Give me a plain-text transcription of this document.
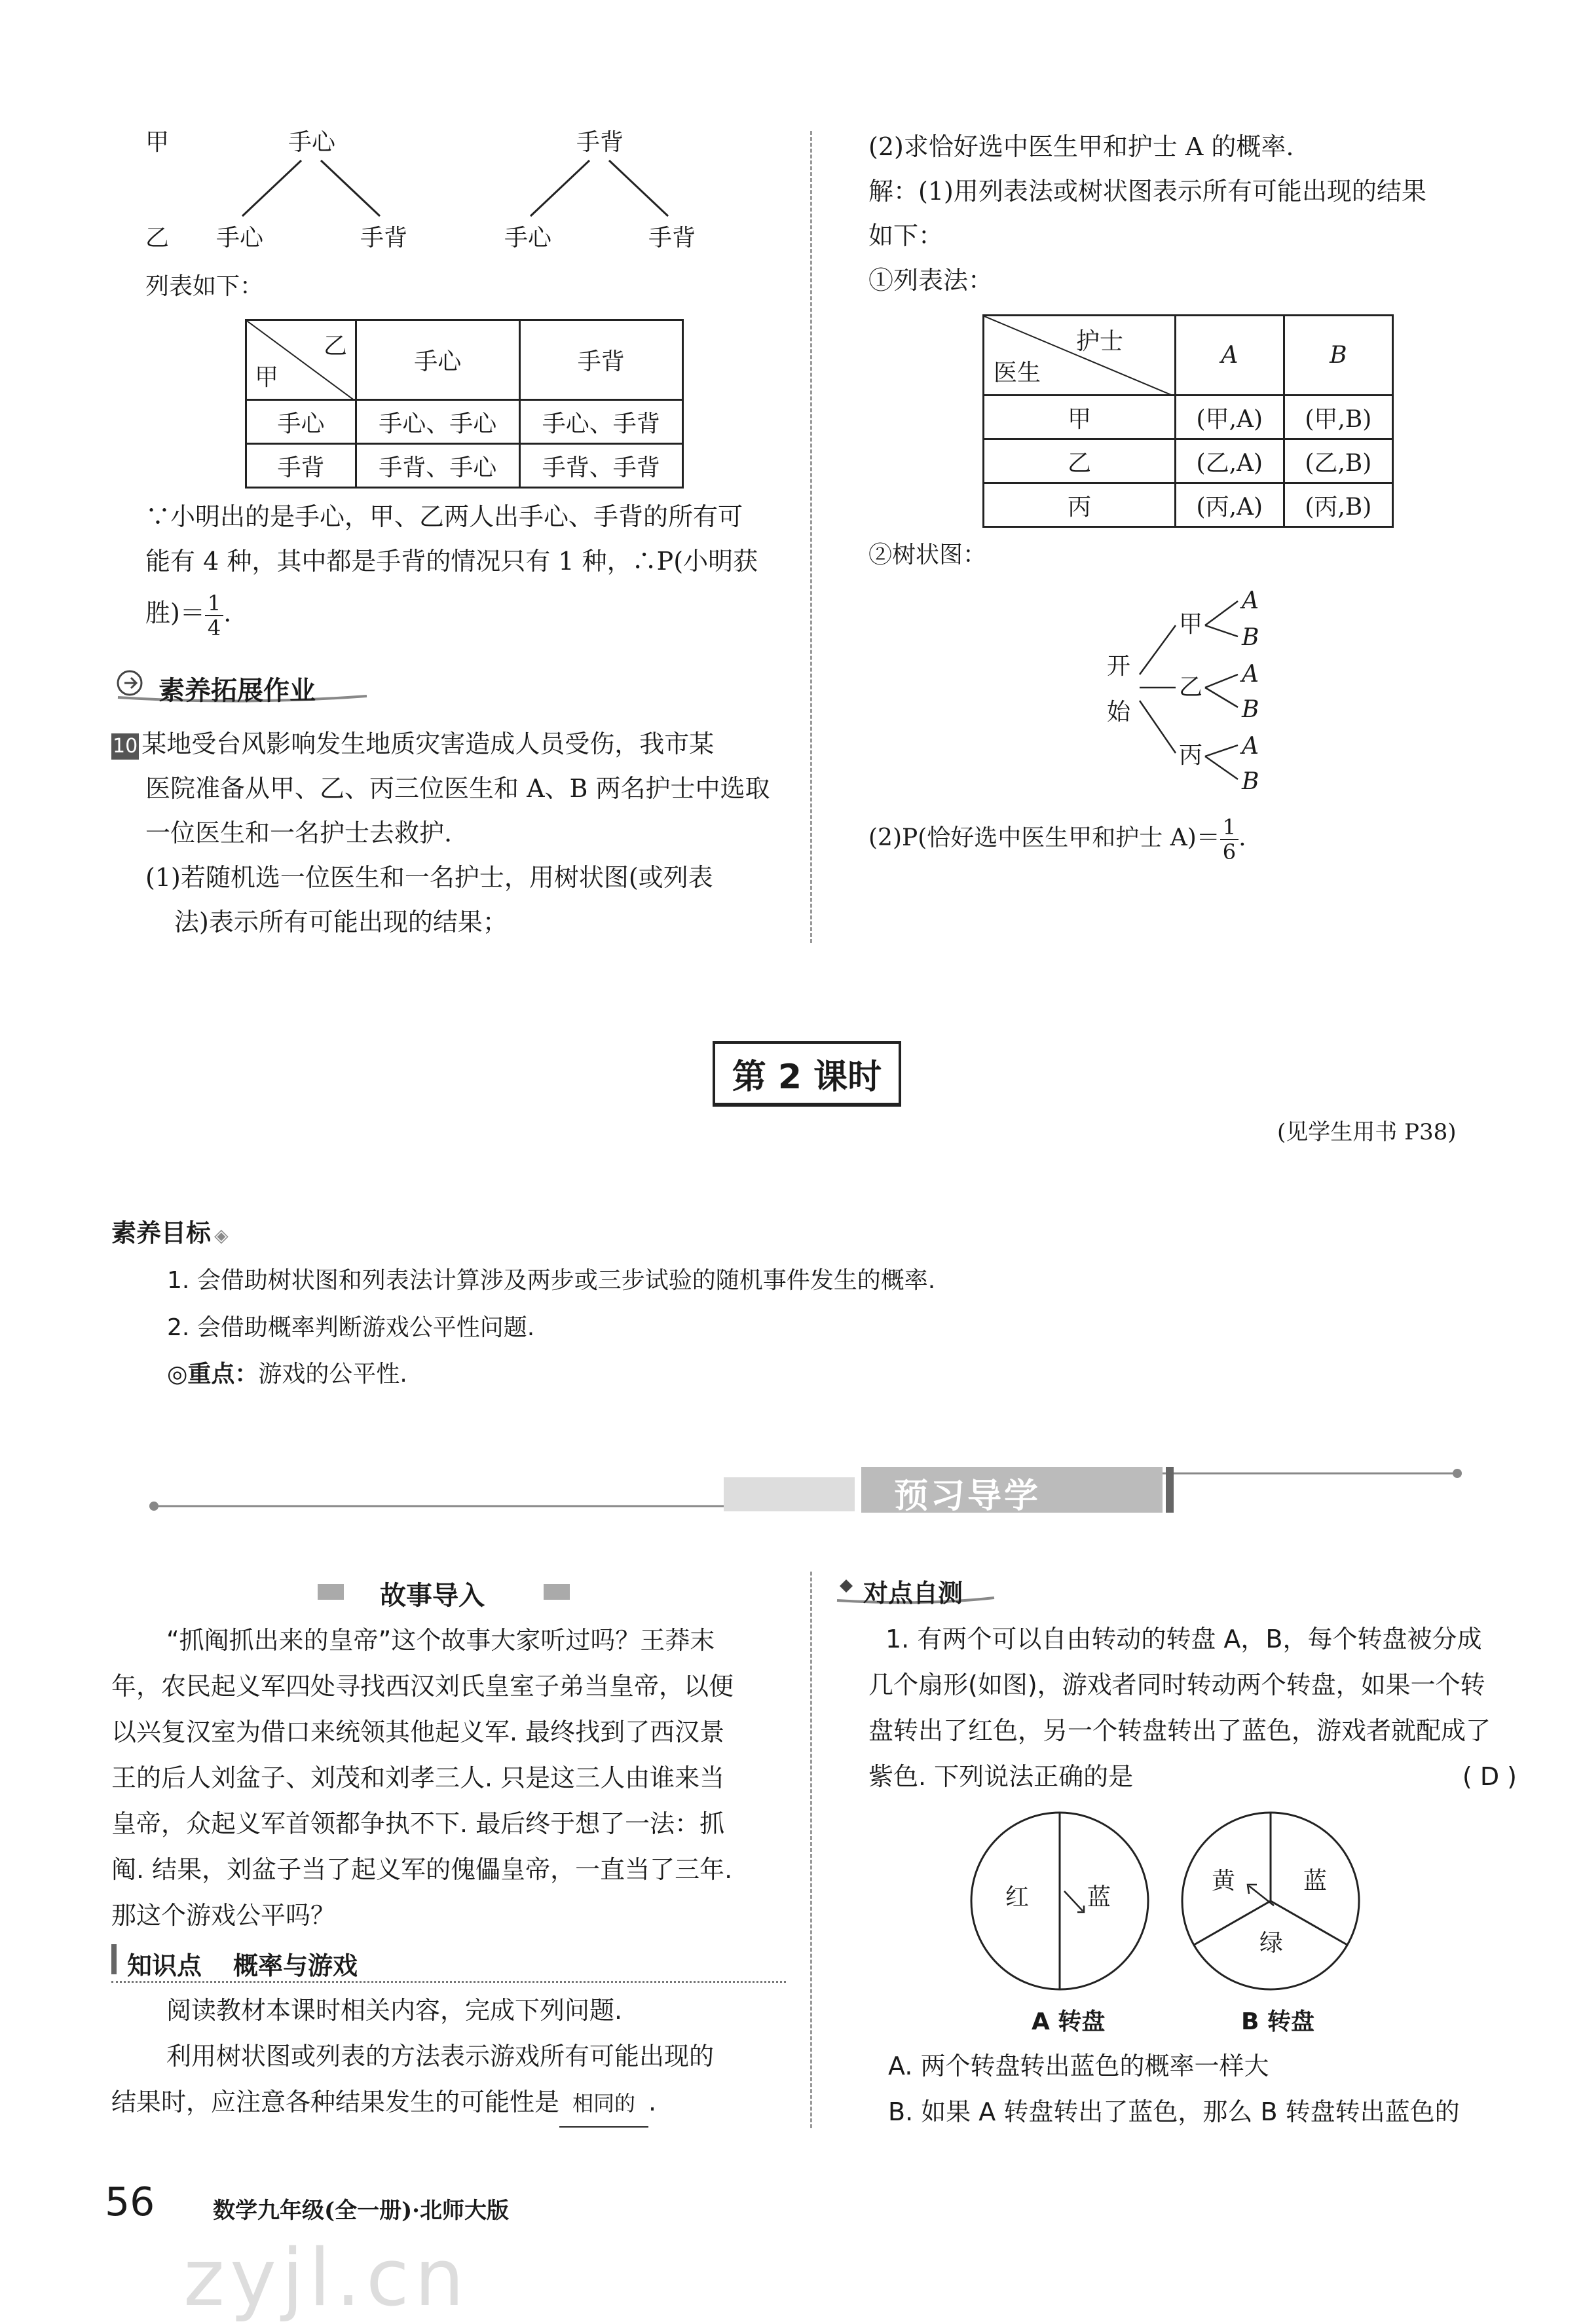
甲	手心	手背
乙 手心	手背	手心	手背
列表如下：
乙
甲	手心	手背
手心	手心、手心	手心、手背
手背	手背、手心	手背、手背
∵小明出的是手心，甲、乙两人出手心、手背的所有可
能有 4 种，其中都是手背的情况只有 1 种，∴P(小明获
胜)＝ $\frac{1}{4}$ .
素养拓展作业
10 某地受台风影响发生地质灾害造成人员受伤，我市某
医院准备从甲、乙、丙三位医生和 A、B 两名护士中选取
一位医生和一名护士去救护.
(1)若随机选一位医生和一名护士，用树状图(或列表
法)表示所有可能出现的结果；
(2)求恰好选中医生甲和护士 A 的概率.
解：(1)用列表法或树状图表示所有可能出现的结果
如下：
①列表法：
护士
医生	A	B
甲	(甲,A)	(甲,B)
乙	(乙,A)	(乙,B)
丙	(丙,A)	(丙,B)
②树状图：
开
始
甲
乙
丙
A
B
A
B
A
B
(2)P(恰好选中医生甲和护士 $A)= \frac{1}{6}$ .
第 2 课时
(见学生用书 P38)
素养目标 ◈
1. 会借助树状图和列表法计算涉及两步或三步试验的随机事件发生的概率.
2. 会借助概率判断游戏公平性问题.
◎重点：游戏的公平性.
预习导学
故事导入
“抓阄抓出来的皇帝”这个故事大家听过吗？王莽末
年，农民起义军四处寻找西汉刘氏皇室子弟当皇帝，以便
以兴复汉室为借口来统领其他起义军. 最终找到了西汉景
王的后人刘盆子、刘茂和刘孝三人. 只是这三人由谁来当
皇帝，众起义军首领都争执不下. 最后终于想了一法：抓
阄. 结果，刘盆子当了起义军的傀儡皇帝，一直当了三年.
那这个游戏公平吗？
知识点 概率与游戏
阅读教材本课时相关内容，完成下列问题.
利用树状图或列表的方法表示游戏所有可能出现的
结果时，应注意各种结果发生的可能性是 相同的 .
对点自测
1. 有两个可以自由转动的转盘 A，B，每个转盘被分成
几个扇形(如图)，游戏者同时转动两个转盘，如果一个转
盘转出了红色，另一个转盘转出了蓝色，游戏者就配成了
紫色. 下列说法正确的是	( D )
红 蓝
黄	蓝
绿
A 转盘	B 转盘
A. 两个转盘转出蓝色的概率一样大
B. 如果 A 转盘转出了蓝色，那么 B 转盘转出蓝色的
56	数学九年级(全一册)·北师大版
zyjl.cn
